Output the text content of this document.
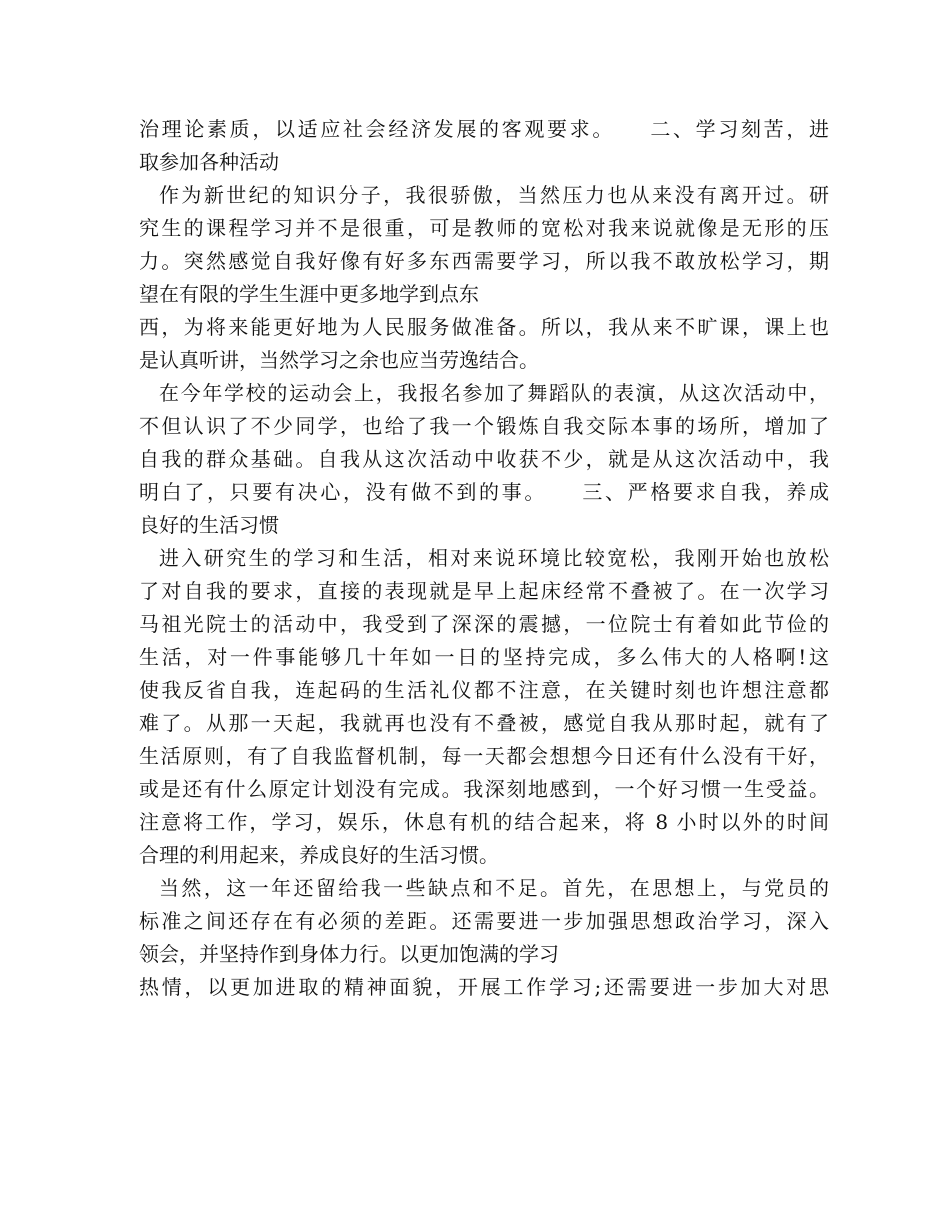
治理论素质，以适应社会经济发展的客观要求。　　二、学习刻苦，进
取参加各种活动
作为新世纪的知识分子，我很骄傲，当然压力也从来没有离开过。研
究生的课程学习并不是很重，可是教师的宽松对我来说就像是无形的压
力。突然感觉自我好像有好多东西需要学习，所以我不敢放松学习，期
望在有限的学生生涯中更多地学到点东
西，为将来能更好地为人民服务做准备。所以，我从来不旷课，课上也
是认真听讲，当然学习之余也应当劳逸结合。
在今年学校的运动会上，我报名参加了舞蹈队的表演，从这次活动中，
不但认识了不少同学，也给了我一个锻炼自我交际本事的场所，增加了
自我的群众基础。自我从这次活动中收获不少，就是从这次活动中，我
明白了，只要有决心，没有做不到的事。　　三、严格要求自我，养成
良好的生活习惯
进入研究生的学习和生活，相对来说环境比较宽松，我刚开始也放松
了对自我的要求，直接的表现就是早上起床经常不叠被了。在一次学习
马祖光院士的活动中，我受到了深深的震撼，一位院士有着如此节俭的
生活，对一件事能够几十年如一日的坚持完成，多么伟大的人格啊!这
使我反省自我，连起码的生活礼仪都不注意，在关键时刻也许想注意都
难了。从那一天起，我就再也没有不叠被，感觉自我从那时起，就有了
生活原则，有了自我监督机制，每一天都会想想今日还有什么没有干好，
或是还有什么原定计划没有完成。我深刻地感到，一个好习惯一生受益。
注意将工作，学习，娱乐，休息有机的结合起来，将 8 小时以外的时间
合理的利用起来，养成良好的生活习惯。
当然，这一年还留给我一些缺点和不足。首先，在思想上，与党员的
标准之间还存在有必须的差距。还需要进一步加强思想政治学习，深入
领会，并坚持作到身体力行。以更加饱满的学习
热情，以更加进取的精神面貌，开展工作学习;还需要进一步加大对思
